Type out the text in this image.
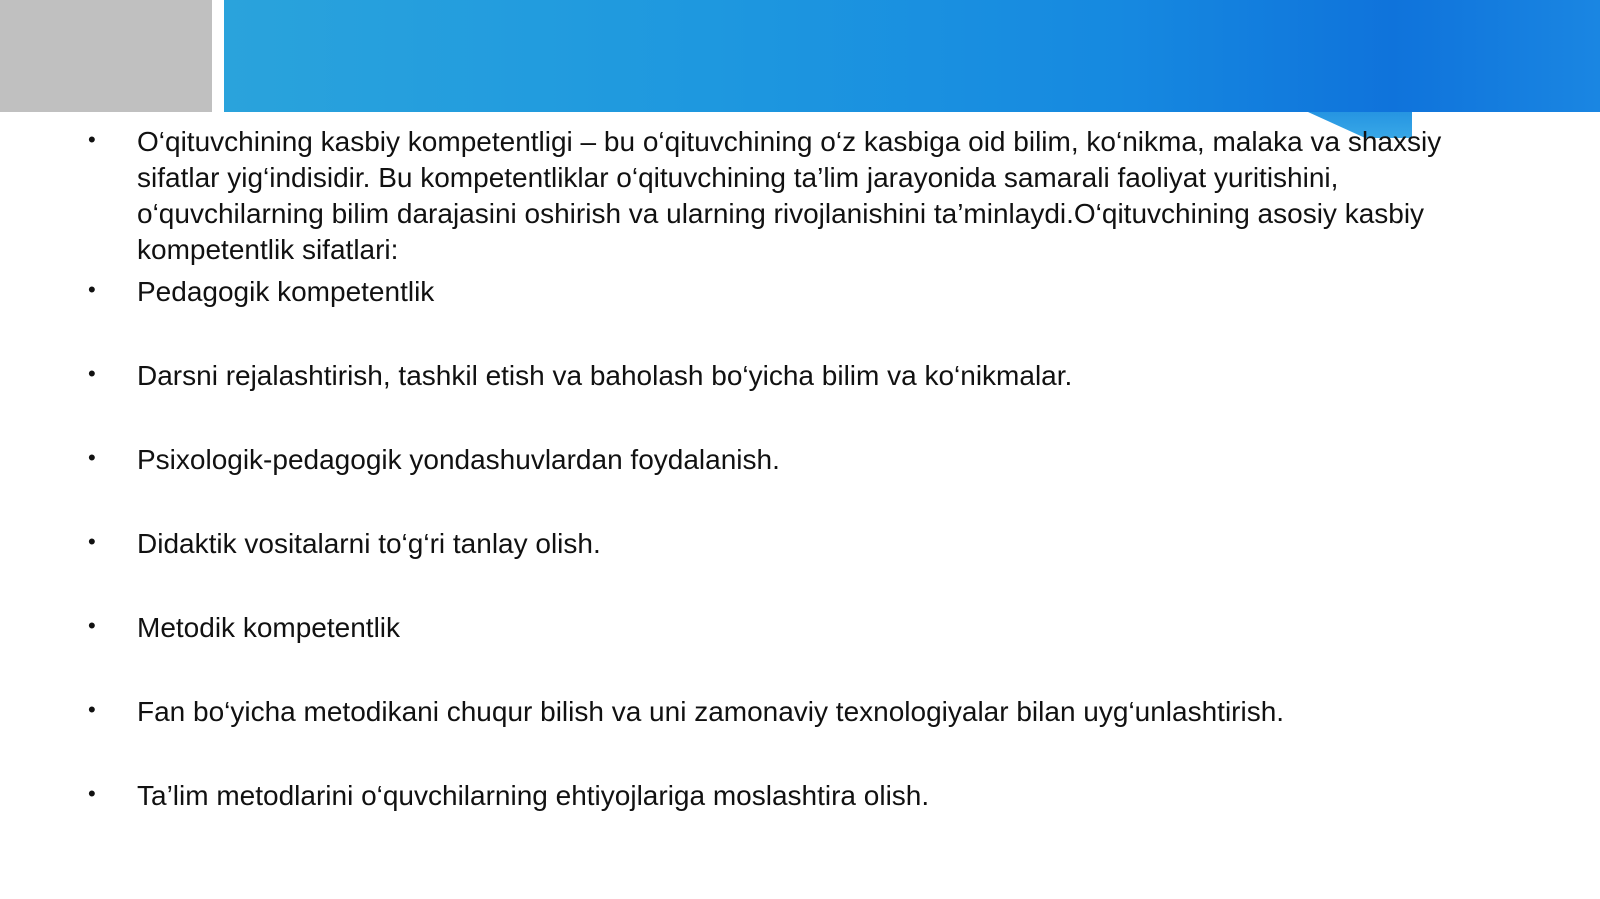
• O‘qituvchining kasbiy kompetentligi – bu o‘qituvchining o‘z kasbiga oid bilim, ko‘nikma, malaka va shaxsiy sifatlar yig‘indisidir. Bu kompetentliklar o‘qituvchining ta’lim jarayonida samarali faoliyat yuritishini, o‘quvchilarning bilim darajasini oshirish va ularning rivojlanishini ta’minlaydi.O‘qituvchining asosiy kasbiy kompetentlik sifatlari:
• Pedagogik kompetentlik
• Darsni rejalashtirish, tashkil etish va baholash bo‘yicha bilim va ko‘nikmalar.
• Psixologik-pedagogik yondashuvlardan foydalanish.
• Didaktik vositalarni to‘g‘ri tanlay olish.
• Metodik kompetentlik
• Fan bo‘yicha metodikani chuqur bilish va uni zamonaviy texnologiyalar bilan uyg‘unlashtirish.
• Ta’lim metodlarini o‘quvchilarning ehtiyojlariga moslashtira olish.
